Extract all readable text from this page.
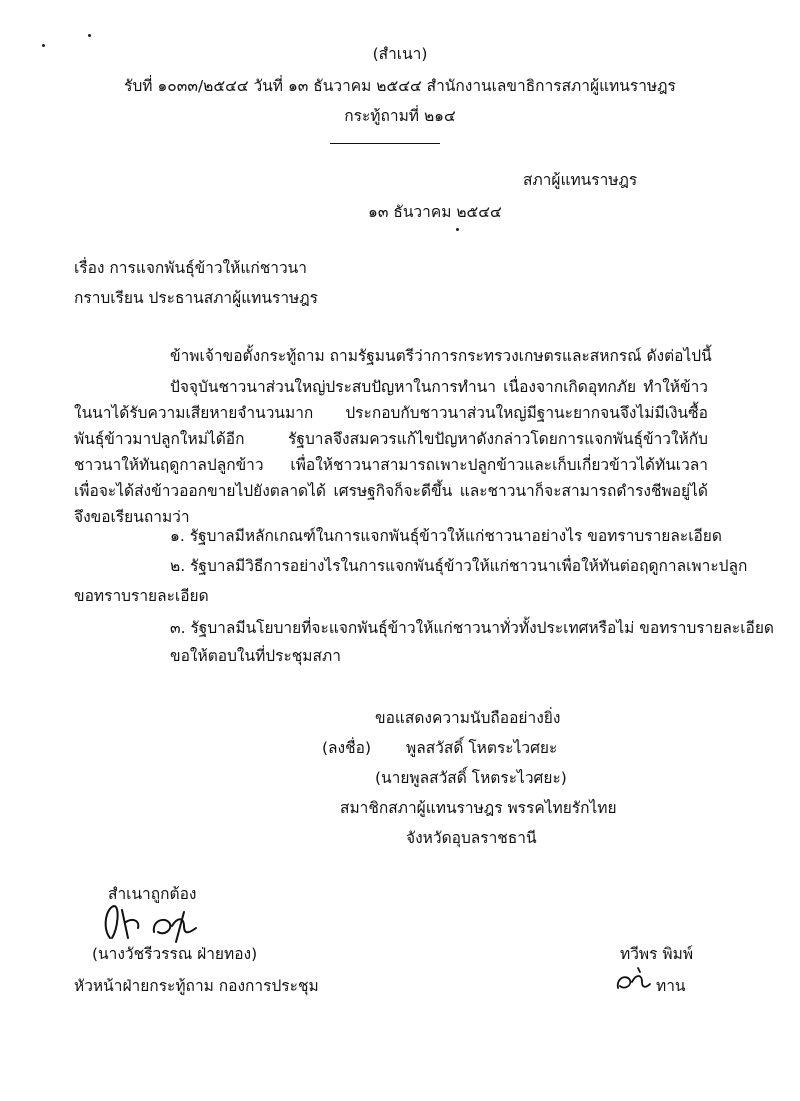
(สำเนา)
รับที่ ๑๐๓๓/๒๕๔๔ วันที่ ๑๓ ธันวาคม ๒๕๔๔ สำนักงานเลขาธิการสภาผู้แทนราษฎร
กระทู้ถามที่ ๒๑๔
สภาผู้แทนราษฎร
๑๓ ธันวาคม ๒๕๔๔
เรื่อง การแจกพันธุ์ข้าวให้แก่ชาวนา
กราบเรียน ประธานสภาผู้แทนราษฎร
ข้าพเจ้าขอตั้งกระทู้ถาม ถามรัฐมนตรีว่าการกระทรวงเกษตรและสหกรณ์ ดังต่อไปนี้
ปัจจุบันชาวนาส่วนใหญ่ประสบปัญหาในการทำนา เนื่องจากเกิดอุทกภัย ทำให้ข้าวในนาได้รับความเสียหายจำนวนมาก ประกอบกับชาวนาส่วนใหญ่มีฐานะยากจนจึงไม่มีเงินซื้อพันธุ์ข้าวมาปลูกใหม่ได้อีก รัฐบาลจึงสมควรแก้ไขปัญหาดังกล่าวโดยการแจกพันธุ์ข้าวให้กับชาวนาให้ทันฤดูกาลปลูกข้าว เพื่อให้ชาวนาสามารถเพาะปลูกข้าวและเก็บเกี่ยวข้าวได้ทันเวลา เพื่อจะได้ส่งข้าวออกขายไปยังตลาดได้ เศรษฐกิจก็จะดีขึ้น และชาวนาก็จะสามารถดำรงชีพอยู่ได้ จึงขอเรียนถามว่า
๑. รัฐบาลมีหลักเกณฑ์ในการแจกพันธุ์ข้าวให้แก่ชาวนาอย่างไร ขอทราบรายละเอียด
๒. รัฐบาลมีวิธีการอย่างไรในการแจกพันธุ์ข้าวให้แก่ชาวนาเพื่อให้ทันต่อฤดูกาลเพาะปลูก
ขอทราบรายละเอียด
๓. รัฐบาลมีนโยบายที่จะแจกพันธุ์ข้าวให้แก่ชาวนาทั่วทั้งประเทศหรือไม่ ขอทราบรายละเอียด
ขอให้ตอบในที่ประชุมสภา
ขอแสดงความนับถืออย่างยิ่ง
(ลงชื่อ) พูลสวัสดิ์ โหตระไวศยะ
(นายพูลสวัสดิ์ โหตระไวศยะ)
สมาชิกสภาผู้แทนราษฎร พรรคไทยรักไทย
จังหวัดอุบลราชธานี
สำเนาถูกต้อง
(นางวัชรีวรรณ ฝ่ายทอง)
หัวหน้าฝ่ายกระทู้ถาม กองการประชุม
ทวีพร พิมพ์
ทาน
